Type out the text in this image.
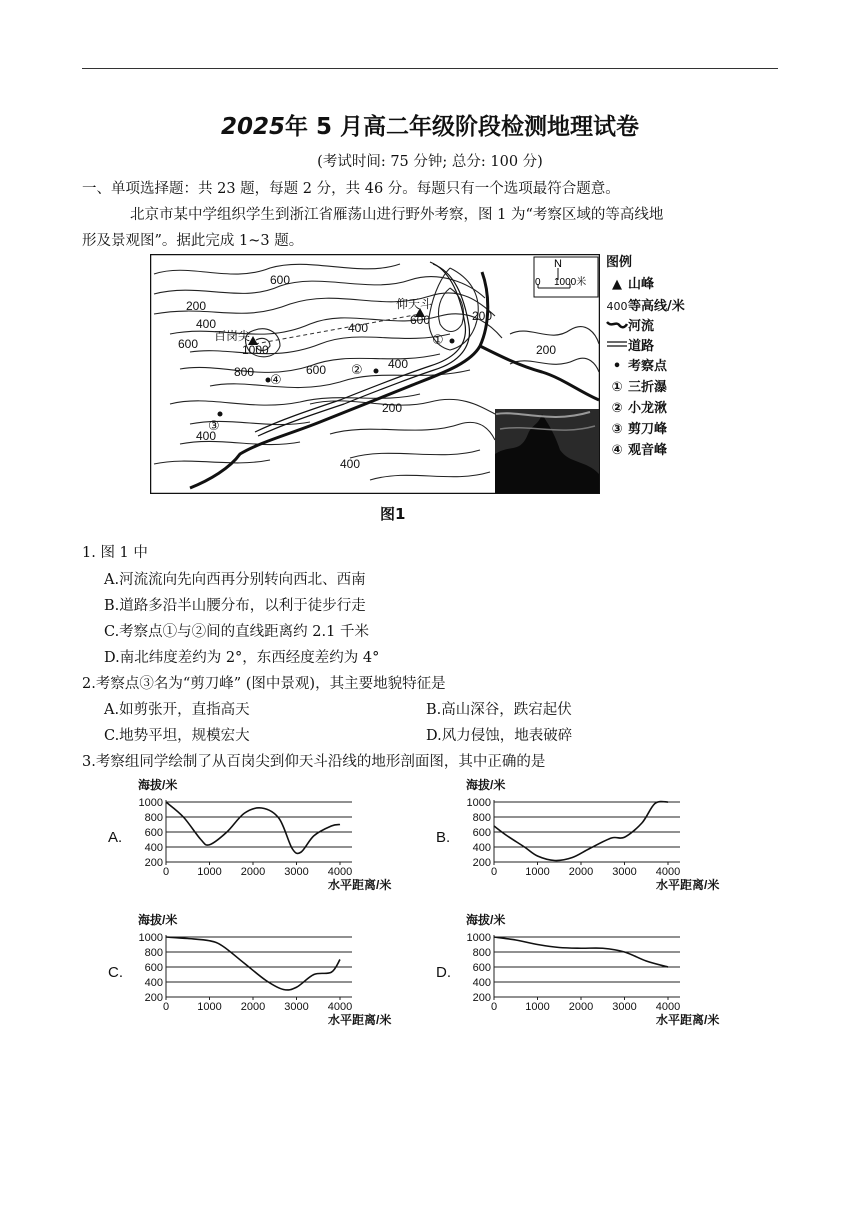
2025年 5 月高二年级阶段检测地理试卷
(考试时间: 75 分钟; 总分: 100 分)
一、单项选择题：共 23 题，每题 2 分，共 46 分。每题只有一个选项最符合题意。
北京市某中学组织学生到浙江省雁荡山进行野外考察，图 1 为“考察区域的等高线地
形及景观图”。据此完成 1~3 题。
200
400
600
百岗尖
1000
800	600
400
仰天斗
600
400
200
200
400
400
600
200
①
②
③
④
N
0 1000米
图例
▲ 山峰
400等高线/米
河流
道路
• 考察点
① 三折瀑
② 小龙湫
③ 剪刀峰
④ 观音峰
图1
1. 图 1 中
A.河流流向先向西再分别转向西北、西南
B.道路多沿半山腰分布，以利于徒步行走
C.考察点①与②间的直线距离约 2.1 千米
D.南北纬度差约为 2°，东西经度差约为 4°
2.考察点③名为“剪刀峰” (图中景观)，其主要地貌特征是
A.如剪张开，直指高天	B.高山深谷，跌宕起伏
C.地势平坦，规模宏大	D.风力侵蚀，地表破碎
3.考察组同学绘制了从百岗尖到仰天斗沿线的地形剖面图，其中正确的是
A.
海拔/米
1000
800
600
400
200
0	1000 2000 3000 4000
水平距离/米
B.
海拔/米
1000
800
600
400
200
0	1000 2000 3000 4000
水平距离/米
C.
海拔/米
1000
800
600
400
200
0	1000 2000 3000 4000
水平距离/米
D.
海拔/米
1000
800
600
400
200
0	1000 2000 3000 4000
水平距离/米
